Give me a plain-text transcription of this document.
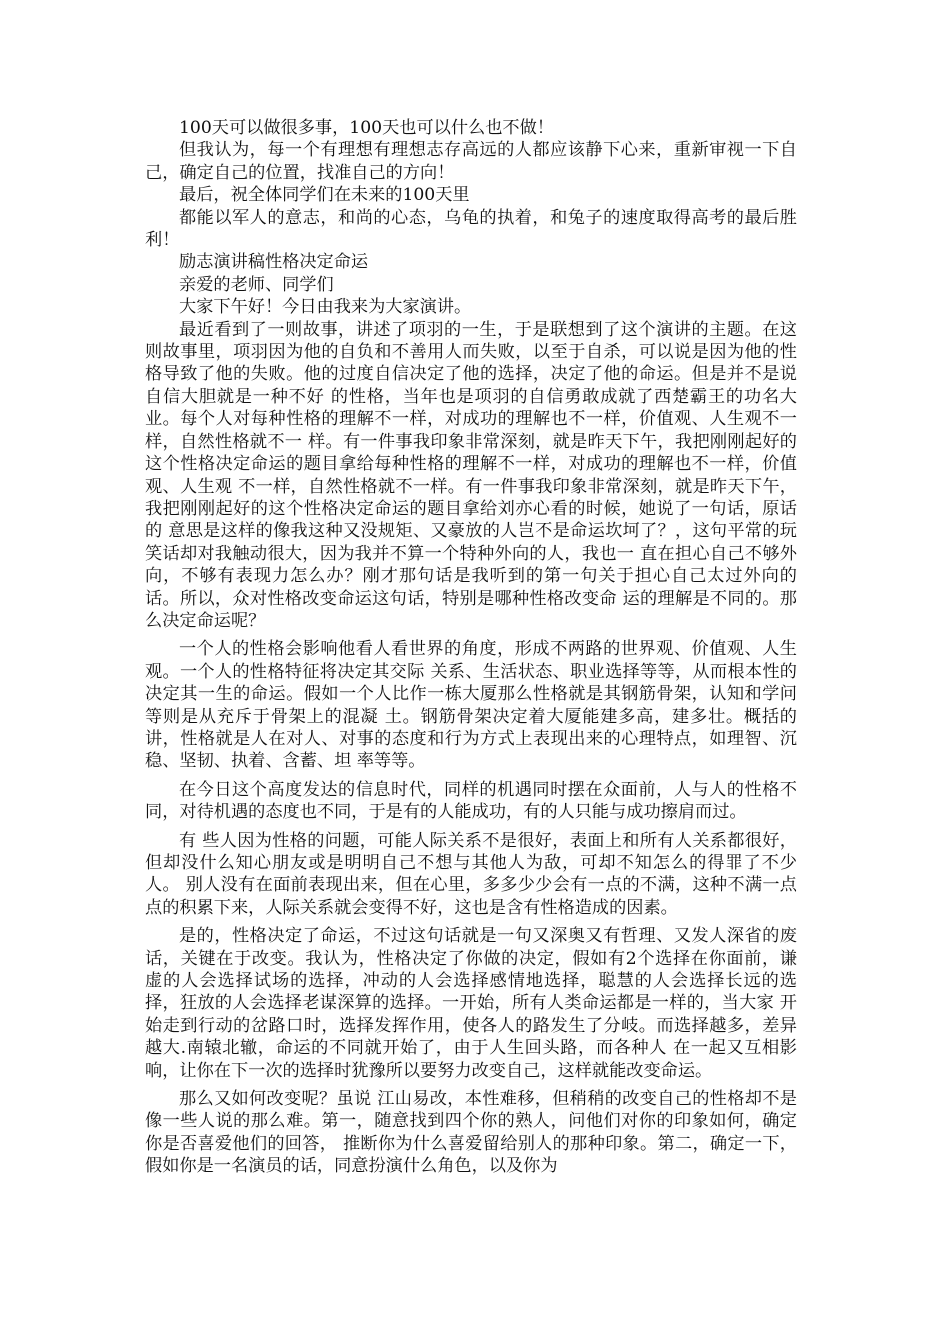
100天可以做很多事，100天也可以什么也不做！

但我认为，每一个有理想有理想志存高远的人都应该静下心来，重新审视一下自己，确定自己的位置，找准自己的方向！

最后，祝全体同学们在未来的100天里

都能以军人的意志，和尚的心态，乌龟的执着，和兔子的速度取得高考的最后胜利！

励志演讲稿性格决定命运

亲爱的老师、同学们

大家下午好！今日由我来为大家演讲。

最近看到了一则故事，讲述了项羽的一生，于是联想到了这个演讲的主题。在这则故事里，项羽因为他的自负和不善用人而失败，以至于自杀，可以说是因为他的性格导致了他的失败。他的过度自信决定了他的选择，决定了他的命运。但是并不是说自信大胆就是一种不好 的性格，当年也是项羽的自信勇敢成就了西楚霸王的功名大业。每个人对每种性格的理解不一样，对成功的理解也不一样，价值观、人生观不一样，自然性格就不一 样。有一件事我印象非常深刻，就是昨天下午，我把刚刚起好的这个性格决定命运的题目拿给每种性格的理解不一样，对成功的理解也不一样，价值观、人生观 不一样，自然性格就不一样。有一件事我印象非常深刻，就是昨天下午，我把刚刚起好的这个性格决定命运的题目拿给刘亦心看的时候，她说了一句话，原话的 意思是这样的像我这种又没规矩、又豪放的人岂不是命运坎坷了？，这句平常的玩笑话却对我触动很大，因为我并不算一个特种外向的人，我也一 直在担心自己不够外向，不够有表现力怎么办？刚才那句话是我听到的第一句关于担心自己太过外向的话。所以，众对性格改变命运这句话，特别是哪种性格改变命 运的理解是不同的。那么决定命运呢？

一个人的性格会影响他看人看世界的角度，形成不两路的世界观、价值观、人生观。一个人的性格特征将决定其交际 关系、生活状态、职业选择等等，从而根本性的决定其一生的命运。假如一个人比作一栋大厦那么性格就是其钢筋骨架，认知和学问等则是从充斥于骨架上的混凝 土。钢筋骨架决定着大厦能建多高，建多壮。概括的讲，性格就是人在对人、对事的态度和行为方式上表现出来的心理特点，如理智、沉稳、坚韧、执着、含蓄、坦 率等等。

在今日这个高度发达的信息时代，同样的机遇同时摆在众面前，人与人的性格不同，对待机遇的态度也不同，于是有的人能成功，有的人只能与成功擦肩而过。

有 些人因为性格的问题，可能人际关系不是很好，表面上和所有人关系都很好，但却没什么知心朋友或是明明自己不想与其他人为敌，可却不知怎么的得罪了不少人。 别人没有在面前表现出来，但在心里，多多少少会有一点的不满，这种不满一点点的积累下来，人际关系就会变得不好，这也是含有性格造成的因素。

是的，性格决定了命运，不过这句话就是一句又深奥又有哲理、又发人深省的废话，关键在于改变。我认为，性格决定了你做的决定，假如有2个选择在你面前，谦 虚的人会选择试场的选择，冲动的人会选择感情地选择，聪慧的人会选择长远的选择，狂放的人会选择老谋深算的选择。一开始，所有人类命运都是一样的，当大家 开始走到行动的岔路口时，选择发挥作用，使各人的路发生了分岐。而选择越多，差异越大.南辕北辙，命运的不同就开始了，由于人生回头路，而各种人 在一起又互相影响，让你在下一次的选择时犹豫所以要努力改变自己，这样就能改变命运。

那么又如何改变呢？虽说 江山易改，本性难移，但稍稍的改变自己的性格却不是像一些人说的那么难。第一，随意找到四个你的熟人，问他们对你的印象如何，确定你是否喜爱他们的回答， 推断你为什么喜爱留给别人的那种印象。第二，确定一下，假如你是一名演员的话，同意扮演什么角色，以及你为
